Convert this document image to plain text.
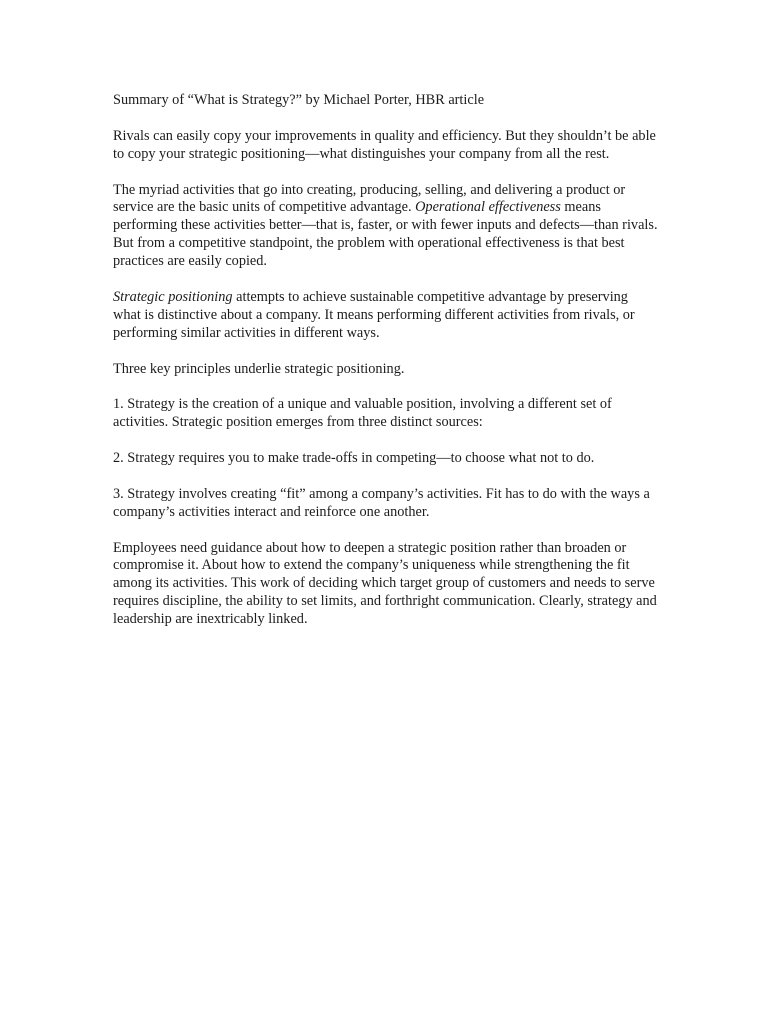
Summary of “What is Strategy?” by Michael Porter, HBR article

Rivals can easily copy your improvements in quality and efficiency. But they shouldn’t be able to copy your strategic positioning—what distinguishes your company from all the rest.

The myriad activities that go into creating, producing, selling, and delivering a product or service are the basic units of competitive advantage. Operational effectiveness means performing these activities better—that is, faster, or with fewer inputs and defects—than rivals. But from a competitive standpoint, the problem with operational effectiveness is that best practices are easily copied.

Strategic positioning attempts to achieve sustainable competitive advantage by preserving what is distinctive about a company. It means performing different activities from rivals, or performing similar activities in different ways.

Three key principles underlie strategic positioning.

1. Strategy is the creation of a unique and valuable position, involving a different set of activities. Strategic position emerges from three distinct sources:

2. Strategy requires you to make trade-offs in competing—to choose what not to do.

3. Strategy involves creating “fit” among a company’s activities. Fit has to do with the ways a company’s activities interact and reinforce one another.

Employees need guidance about how to deepen a strategic position rather than broaden or compromise it. About how to extend the company’s uniqueness while strengthening the fit among its activities. This work of deciding which target group of customers and needs to serve requires discipline, the ability to set limits, and forthright communication. Clearly, strategy and leadership are inextricably linked.
